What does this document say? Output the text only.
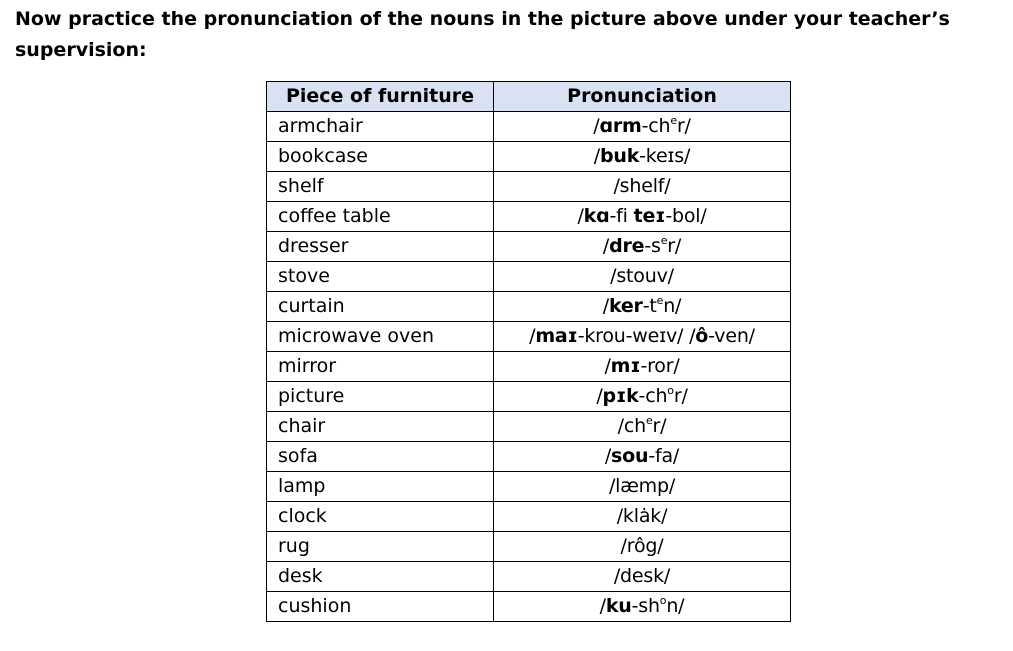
Now practice the pronunciation of the nouns in the picture above under your teacher’s supervision:

Piece of furniture	Pronunciation
armchair	$/ɑrm-ch^er/$
bookcase	/buk-keɪs/
shelf	/shelf/
coffee table	/kɑ-fi teɪ-bol/
dresser	$/dre-s^er/$
stove	/stouv/
curtain	$/ker-t^en/$
microwave oven	/maɪ-krou-weɪv/ /ô-ven/
mirror	/mɪ-ror/
picture	$/pɪk-ch^or/$
chair	$/ch^er/$
sofa	/sou-fa/
lamp	/læmp/
clock	/klȧk/
rug	/rôg/
desk	/desk/
cushion	$/ku-sh^on/$
